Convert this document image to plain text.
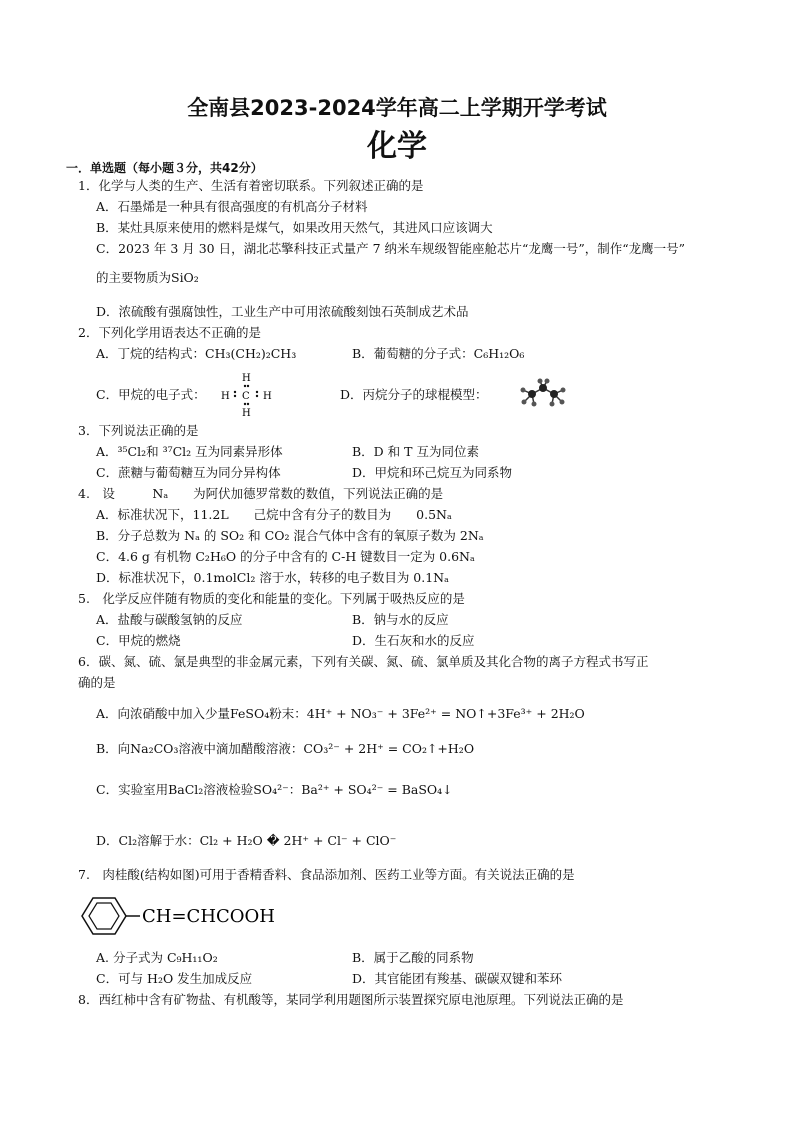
全南县2023-2024学年高二上学期开学考试
化学
一．单选题（每小题３分，共42分）
1．化学与人类的生产、生活有着密切联系。下列叙述正确的是
A．石墨烯是一种具有很高强度的有机高分子材料
B．某灶具原来使用的燃料是煤气，如果改用天然气，其进风口应该调大
C．2023 年 3 月 30 日，湖北芯擎科技正式量产 7 纳米车规级智能座舱芯片“龙鹰一号”，制作“龙鹰一号”
的主要物质为SiO₂
D．浓硫酸有强腐蚀性，工业生产中可用浓硫酸刻蚀石英制成艺术品
2．下列化学用语表达不正确的是
A．丁烷的结构式：CH₃(CH₂)₂CH₃	B．葡萄糖的分子式：C₆H₁₂O₆
C．甲烷的电子式：
H
C
H	H
H
D．丙烷分子的球棍模型：
3．下列说法正确的是
A．³⁵Cl₂和 ³⁷Cl₂ 互为同素异形体	B．D 和 T 互为同位素
C．蔗糖与葡萄糖互为同分异构体	D．甲烷和环己烷互为同系物
4.　设　　　Nₐ　　为阿伏加德罗常数的数值，下列说法正确的是
A．标准状况下，11.2L　　己烷中含有分子的数目为　　0.5Nₐ
B．分子总数为 Nₐ 的 SO₂ 和 CO₂ 混合气体中含有的氧原子数为 2Nₐ
C．4.6 g 有机物 C₂H₆O 的分子中含有的 C-H 键数目一定为 0.6Nₐ
D．标准状况下，0.1molCl₂ 溶于水，转移的电子数目为 0.1Nₐ
5.　化学反应伴随有物质的变化和能量的变化。下列属于吸热反应的是
A．盐酸与碳酸氢钠的反应	B．钠与水的反应
C．甲烷的燃烧	D．生石灰和水的反应
6．碳、氮、硫、氯是典型的非金属元素，下列有关碳、氮、硫、氯单质及其化合物的离子方程式书写正
确的是
A．向浓硝酸中加入少量FeSO₄粉末：4H⁺ + NO₃⁻ + 3Fe²⁺ = NO↑+3Fe³⁺ + 2H₂O
B．向Na₂CO₃溶液中滴加醋酸溶液：CO₃²⁻ + 2H⁺ = CO₂↑+H₂O
C．实验室用BaCl₂溶液检验SO₄²⁻：Ba²⁺ + SO₄²⁻ = BaSO₄↓
D．Cl₂溶解于水：Cl₂ + H₂O � 2H⁺ + Cl⁻ + ClO⁻
7.　肉桂酸(结构如图)可用于香精香料、食品添加剂、医药工业等方面。有关说法正确的是
CH=CHCOOH
A. 分子式为 C₉H₁₁O₂	B．属于乙酸的同系物
C．可与 H₂O 发生加成反应	D．其官能团有羧基、碳碳双键和苯环
8．西红柿中含有矿物盐、有机酸等，某同学利用题图所示装置探究原电池原理。下列说法正确的是
